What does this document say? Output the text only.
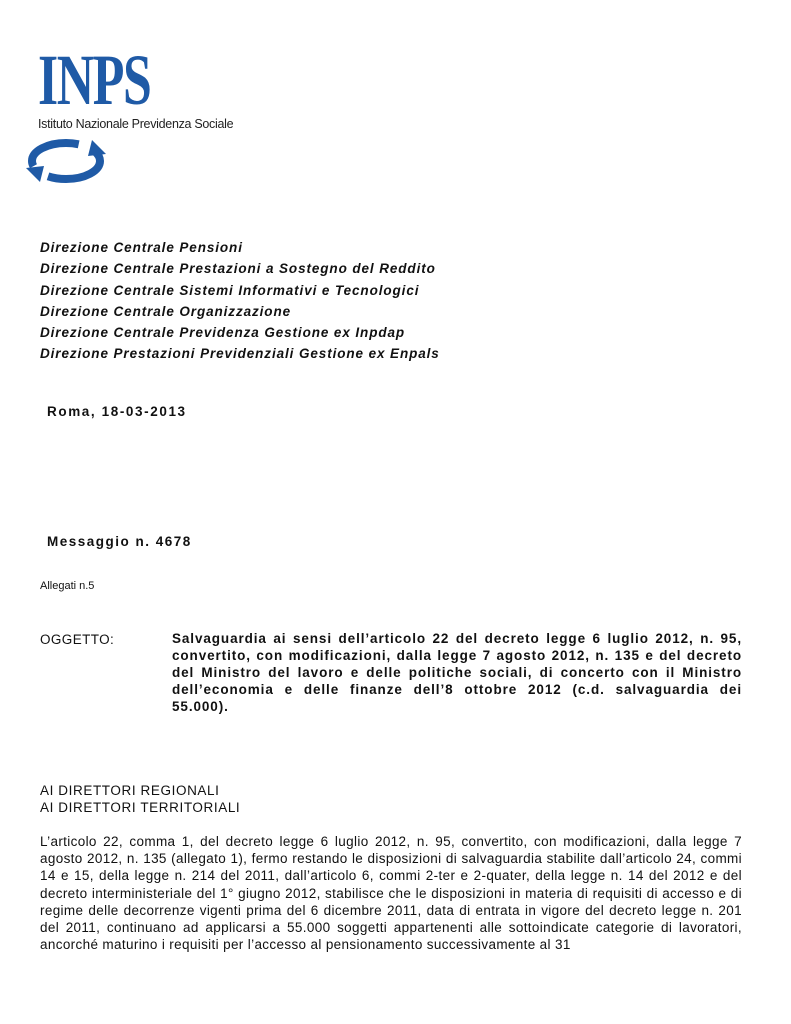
INPS
Istituto Nazionale Previdenza Sociale
Direzione Centrale Pensioni
Direzione Centrale Prestazioni a Sostegno del Reddito
Direzione Centrale Sistemi Informativi e Tecnologici
Direzione Centrale Organizzazione
Direzione Centrale Previdenza Gestione ex Inpdap
Direzione Prestazioni Previdenziali Gestione ex Enpals
Roma, 18-03-2013
Messaggio n. 4678
Allegati n.5
OGGETTO:	Salvaguardia ai sensi dell’articolo 22 del decreto legge 6 luglio 2012, n. 95, convertito, con modificazioni, dalla legge 7 agosto 2012, n. 135 e del decreto del Ministro del lavoro e delle politiche sociali, di concerto con il Ministro dell’economia e delle finanze dell’8 ottobre 2012 (c.d. salvaguardia dei 55.000).
AI DIRETTORI REGIONALI
AI DIRETTORI TERRITORIALI
L’articolo 22, comma 1, del decreto legge 6 luglio 2012, n. 95, convertito, con modificazioni, dalla legge 7 agosto 2012, n. 135 (allegato 1), fermo restando le disposizioni di salvaguardia stabilite dall’articolo 24, commi 14 e 15, della legge n. 214 del 2011, dall’articolo 6, commi 2-ter e 2-quater, della legge n. 14 del 2012 e del decreto interministeriale del 1° giugno 2012, stabilisce che le disposizioni in materia di requisiti di accesso e di regime delle decorrenze vigenti prima del 6 dicembre 2011, data di entrata in vigore del decreto legge n. 201 del 2011, continuano ad applicarsi a 55.000 soggetti appartenenti alle sottoindicate categorie di lavoratori, ancorché maturino i requisiti per l’accesso al pensionamento successivamente al 31
